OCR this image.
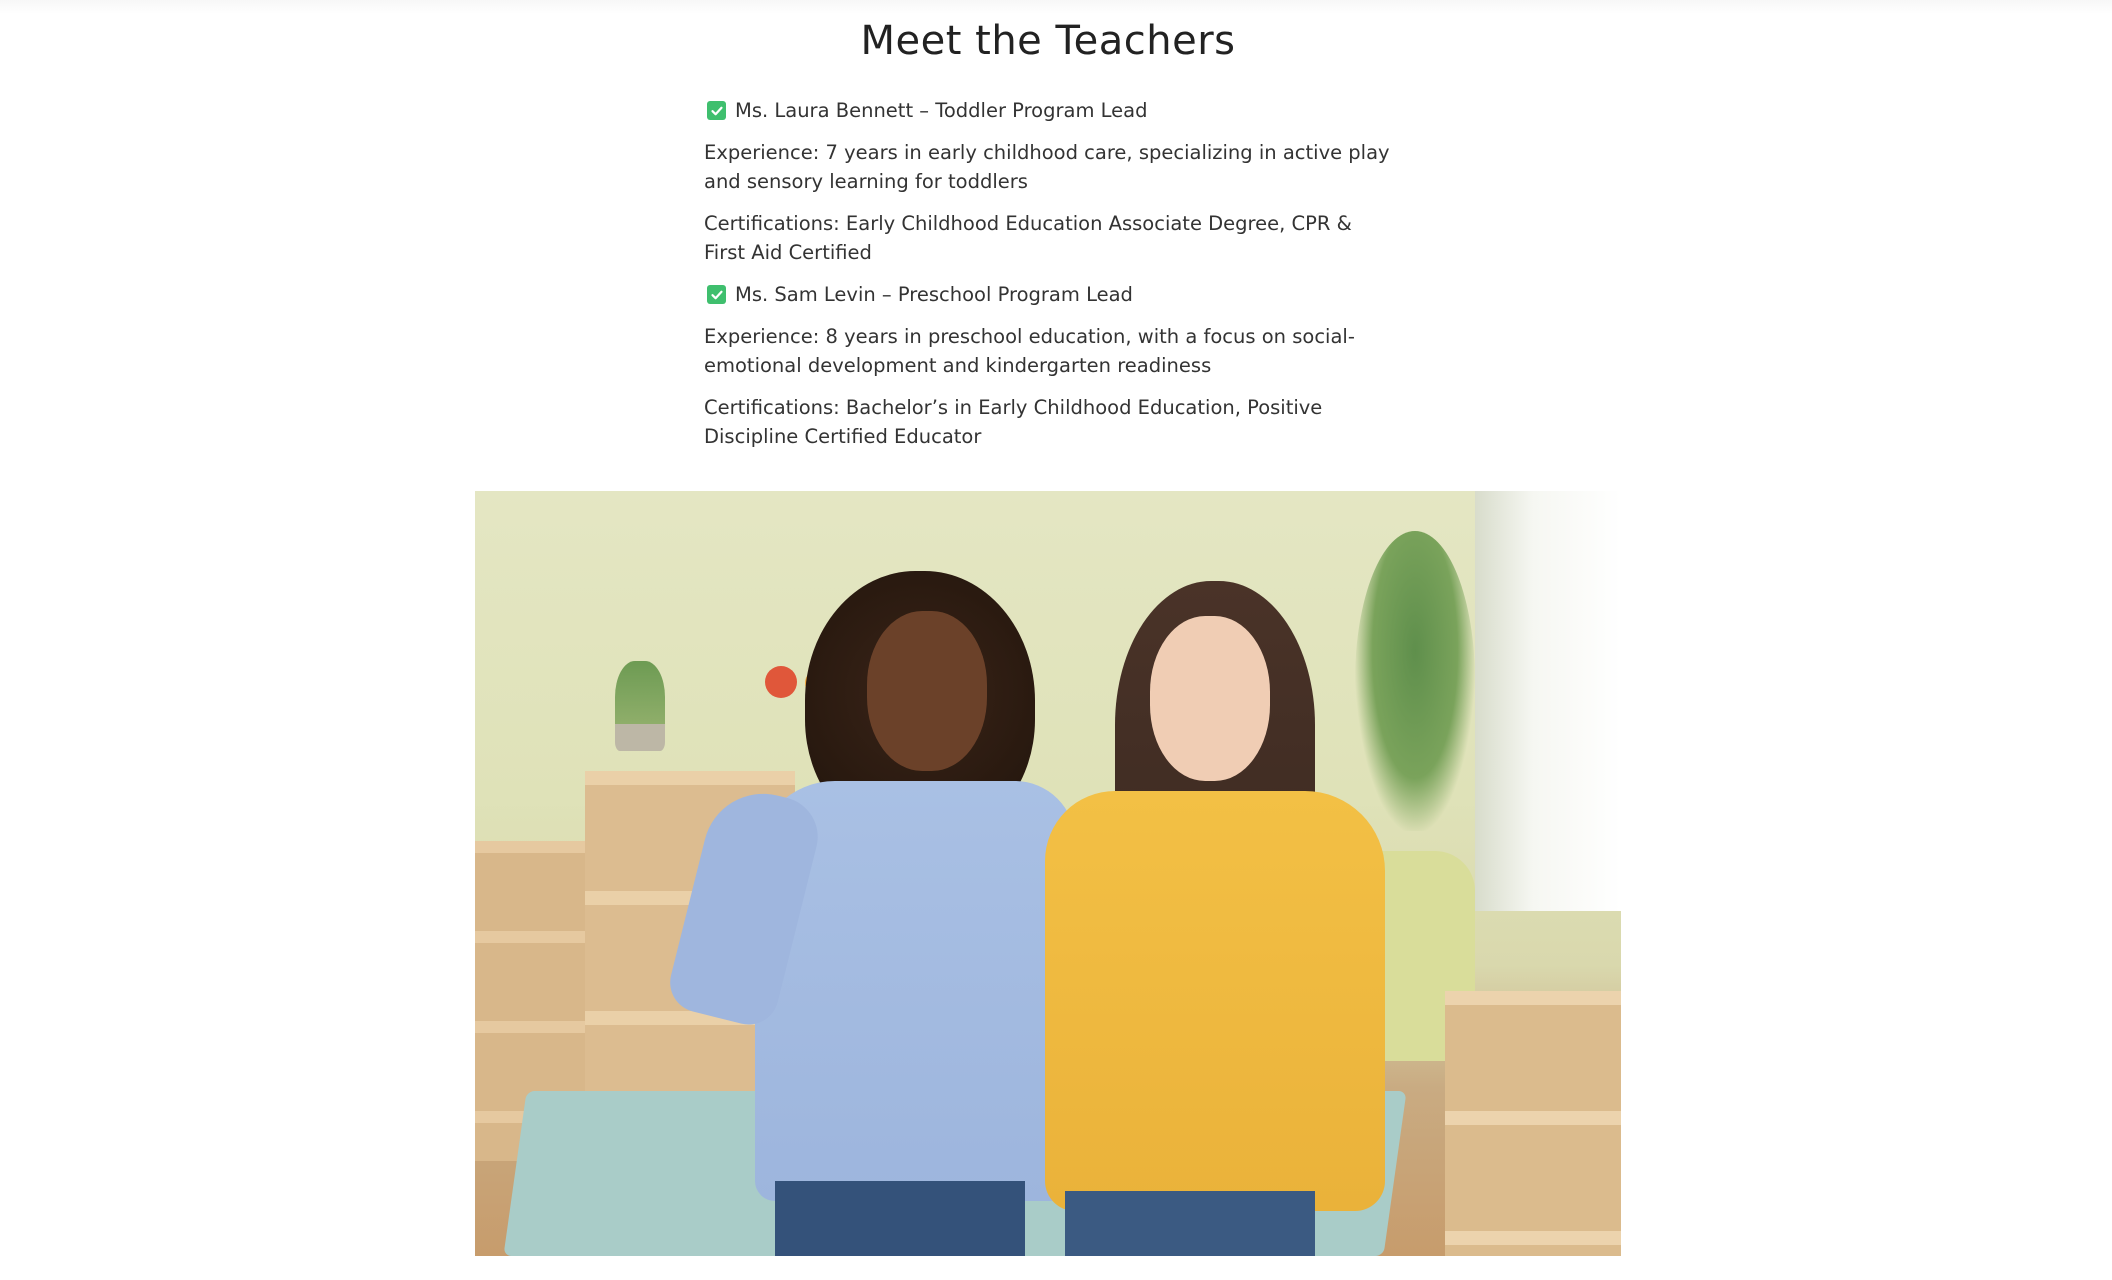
Meet the Teachers

Ms. Laura Bennett – Toddler Program Lead

Experience: 7 years in early childhood care, specializing in active play and sensory learning for toddlers

Certifications: Early Childhood Education Associate Degree, CPR & First Aid Certified

Ms. Sam Levin – Preschool Program Lead

Experience: 8 years in preschool education, with a focus on social-emotional development and kindergarten readiness

Certifications: Bachelor’s in Early Childhood Education, Positive Discipline Certified Educator
